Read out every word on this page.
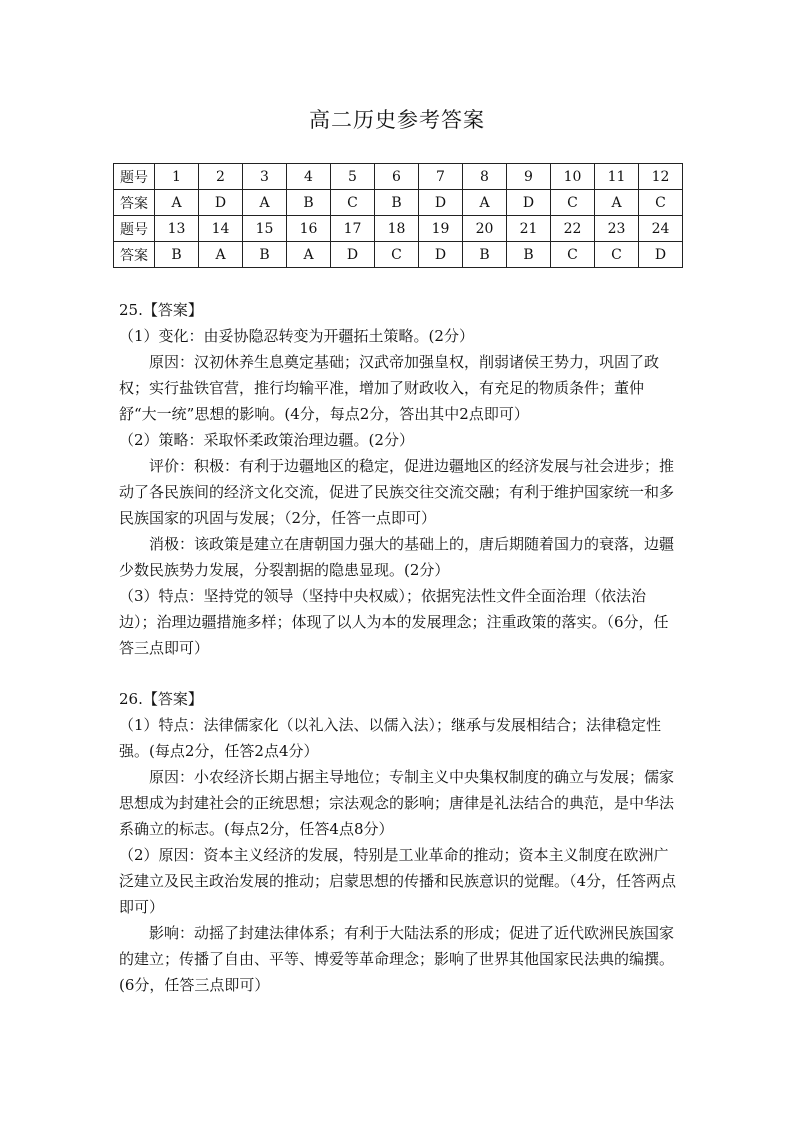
高二历史参考答案
题号	1	2	3	4	5	6	7	8	9	10	11	12
答案	A	D	A	B	C	B	D	A	D	C	A	C
题号	13	14	15	16	17	18	19	20	21	22	23	24
答案	B	A	B	A	D	C	D	B	B	C	C	D

25.【答案】

（1）变化：由妥协隐忍转变为开疆拓土策略。(2分）

原因：汉初休养生息奠定基础；汉武帝加强皇权，削弱诸侯王势力，巩固了政权；实行盐铁官营，推行均输平准，增加了财政收入，有充足的物质条件；董仲舒“大一统”思想的影响。(4分，每点2分，答出其中2点即可）

（2）策略：采取怀柔政策治理边疆。(2分）

评价：积极：有利于边疆地区的稳定，促进边疆地区的经济发展与社会进步；推动了各民族间的经济文化交流，促进了民族交往交流交融；有利于维护国家统一和多民族国家的巩固与发展；（2分，任答一点即可）

消极：该政策是建立在唐朝国力强大的基础上的，唐后期随着国力的衰落，边疆少数民族势力发展，分裂割据的隐患显现。(2分）

（3）特点：坚持党的领导（坚持中央权威）；依据宪法性文件全面治理（依法治边）；治理边疆措施多样；体现了以人为本的发展理念；注重政策的落实。（6分，任答三点即可）

26.【答案】

（1）特点：法律儒家化（以礼入法、以儒入法）；继承与发展相结合；法律稳定性强。(每点2分，任答2点4分）

原因：小农经济长期占据主导地位；专制主义中央集权制度的确立与发展；儒家思想成为封建社会的正统思想；宗法观念的影响；唐律是礼法结合的典范，是中华法系确立的标志。(每点2分，任答4点8分）

（2）原因：资本主义经济的发展，特别是工业革命的推动；资本主义制度在欧洲广泛建立及民主政治发展的推动；启蒙思想的传播和民族意识的觉醒。（4分，任答两点即可）

影响：动摇了封建法律体系；有利于大陆法系的形成；促进了近代欧洲民族国家的建立；传播了自由、平等、博爱等革命理念；影响了世界其他国家民法典的编撰。(6分，任答三点即可）
